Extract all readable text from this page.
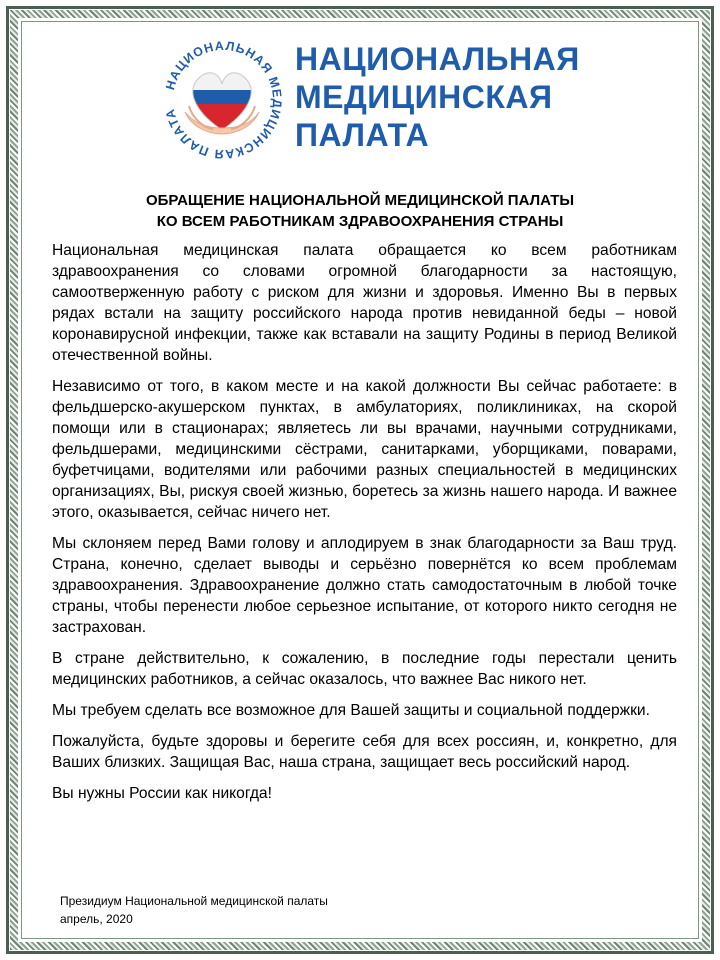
НАЦИОНАЛЬНАЯ МЕДИЦИНСКАЯ ПАЛАТА
НАЦИОНАЛЬНАЯ
МЕДИЦИНСКАЯ
ПАЛАТА
ОБРАЩЕНИЕ НАЦИОНАЛЬНОЙ МЕДИЦИНСКОЙ ПАЛАТЫ
КО ВСЕМ РАБОТНИКАМ ЗДРАВООХРАНЕНИЯ СТРАНЫ

Национальная медицинская палата обращается ко всем работникам здравоохранения со словами огромной благодарности за настоящую, самоотверженную работу с риском для жизни и здоровья. Именно Вы в первых рядах встали на защиту российского народа против невиданной беды – новой коронавирусной инфекции, также как вставали на защиту Родины в период Великой отечественной войны.

Независимо от того, в каком месте и на какой должности Вы сейчас работаете: в фельдшерско-акушерском пунктах, в амбулаториях, поликлиниках, на скорой помощи или в стационарах; являетесь ли вы врачами, научными сотрудниками, фельдшерами, медицинскими сёстрами, санитарками, уборщиками, поварами, буфетчицами, водителями или рабочими разных специальностей в медицинских организациях, Вы, рискуя своей жизнью, боретесь за жизнь нашего народа. И важнее этого, оказывается, сейчас ничего нет.

Мы склоняем перед Вами голову и аплодируем в знак благодарности за Ваш труд. Страна, конечно, сделает выводы и серьёзно повернётся ко всем проблемам здравоохранения. Здравоохранение должно стать самодостаточным в любой точке страны, чтобы перенести любое серьезное испытание, от которого никто сегодня не застрахован.

В стране действительно, к сожалению, в последние годы перестали ценить медицинских работников, а сейчас оказалось, что важнее Вас никого нет.

Мы требуем сделать все возможное для Вашей защиты и социальной поддержки.

Пожалуйста, будьте здоровы и берегите себя для всех россиян, и, конкретно, для Ваших близких. Защищая Вас, наша страна, защищает весь российский народ.

Вы нужны России как никогда!

Президиум Национальной медицинской палаты
апрель, 2020
